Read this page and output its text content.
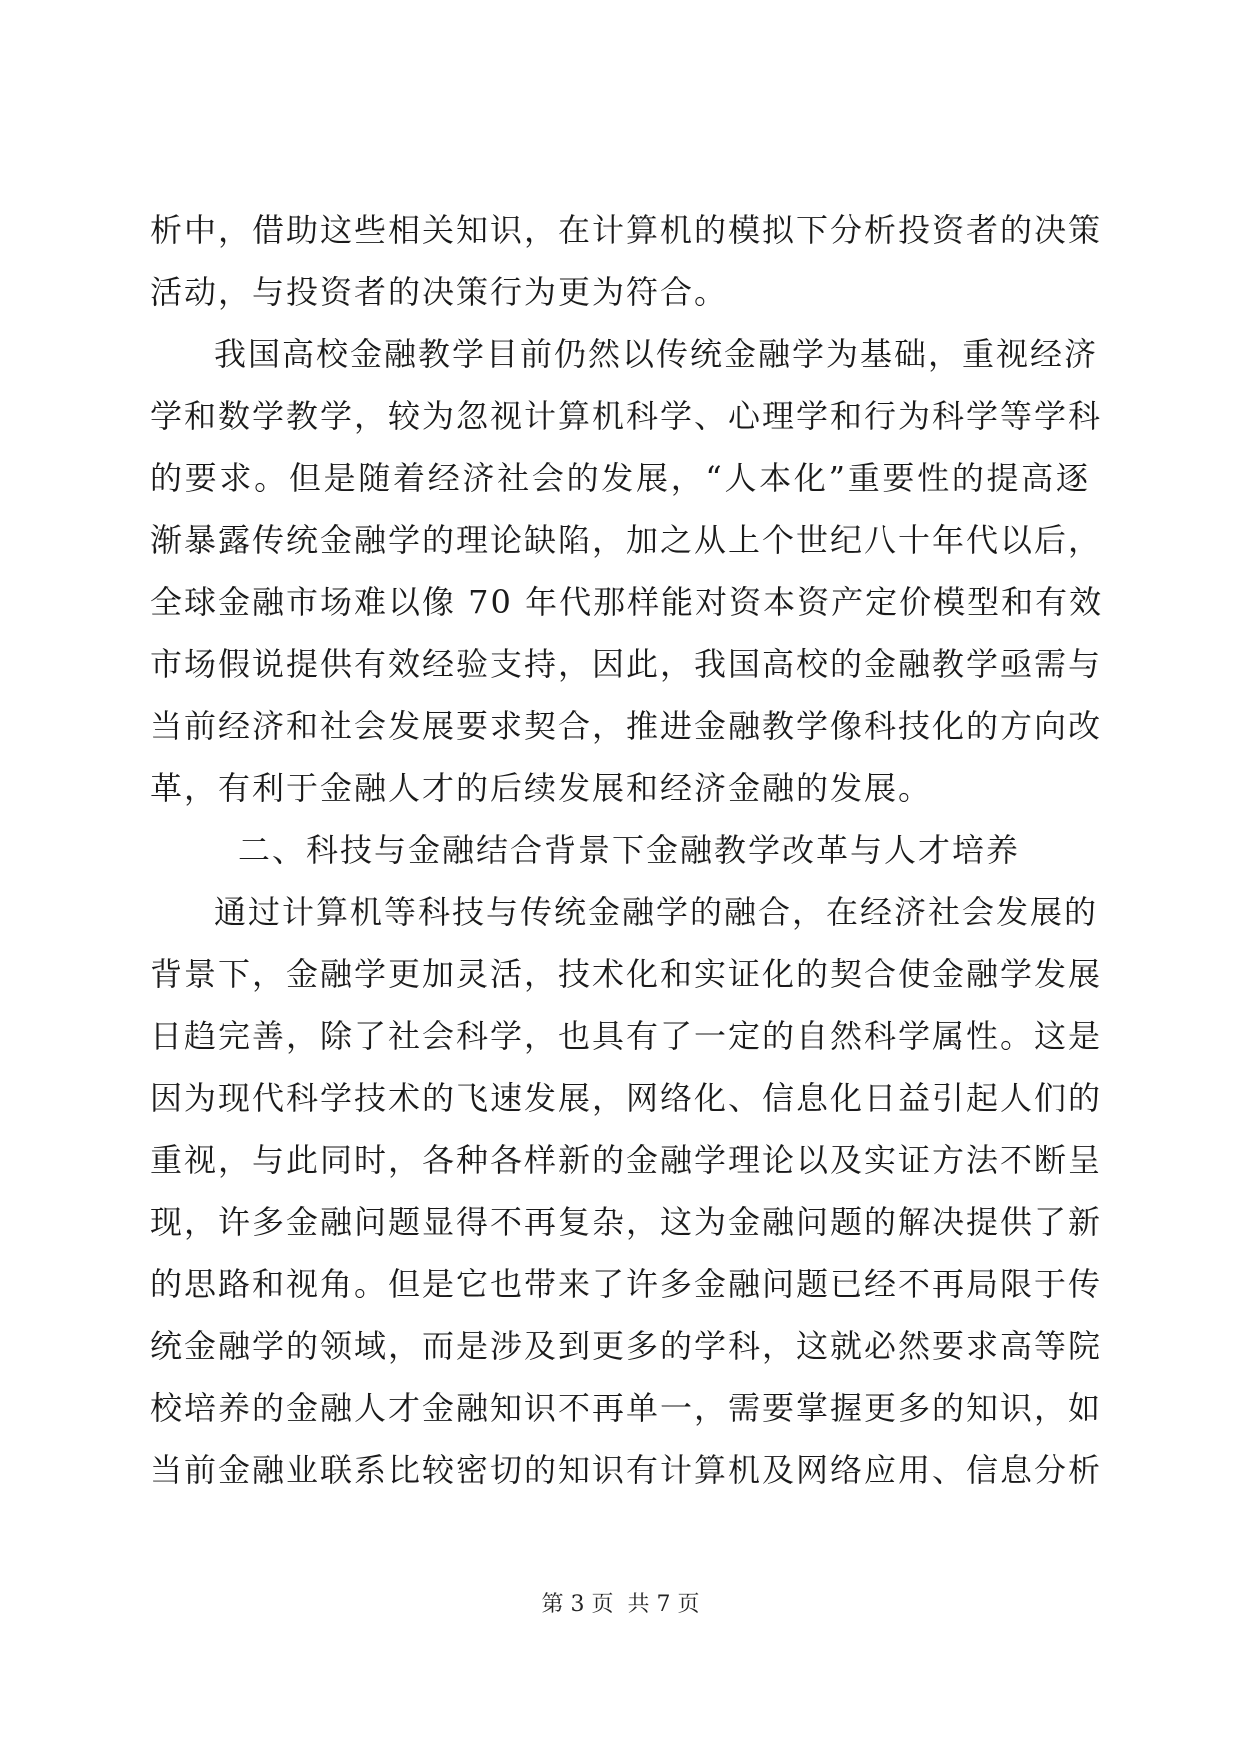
析中，借助这些相关知识，在计算机的模拟下分析投资者的决策
活动，与投资者的决策行为更为符合。
我国高校金融教学目前仍然以传统金融学为基础，重视经济
学和数学教学，较为忽视计算机科学、心理学和行为科学等学科
的要求。但是随着经济社会的发展，“人本化”重要性的提高逐
渐暴露传统金融学的理论缺陷，加之从上个世纪八十年代以后，
全球金融市场难以像 70 年代那样能对资本资产定价模型和有效
市场假说提供有效经验支持，因此，我国高校的金融教学亟需与
当前经济和社会发展要求契合，推进金融教学像科技化的方向改
革，有利于金融人才的后续发展和经济金融的发展。
二、科技与金融结合背景下金融教学改革与人才培养
通过计算机等科技与传统金融学的融合，在经济社会发展的
背景下，金融学更加灵活，技术化和实证化的契合使金融学发展
日趋完善，除了社会科学，也具有了一定的自然科学属性。这是
因为现代科学技术的飞速发展，网络化、信息化日益引起人们的
重视，与此同时，各种各样新的金融学理论以及实证方法不断呈
现，许多金融问题显得不再复杂，这为金融问题的解决提供了新
的思路和视角。但是它也带来了许多金融问题已经不再局限于传
统金融学的领域，而是涉及到更多的学科，这就必然要求高等院
校培养的金融人才金融知识不再单一，需要掌握更多的知识，如
当前金融业联系比较密切的知识有计算机及网络应用、信息分析
第 3 页  共 7 页
